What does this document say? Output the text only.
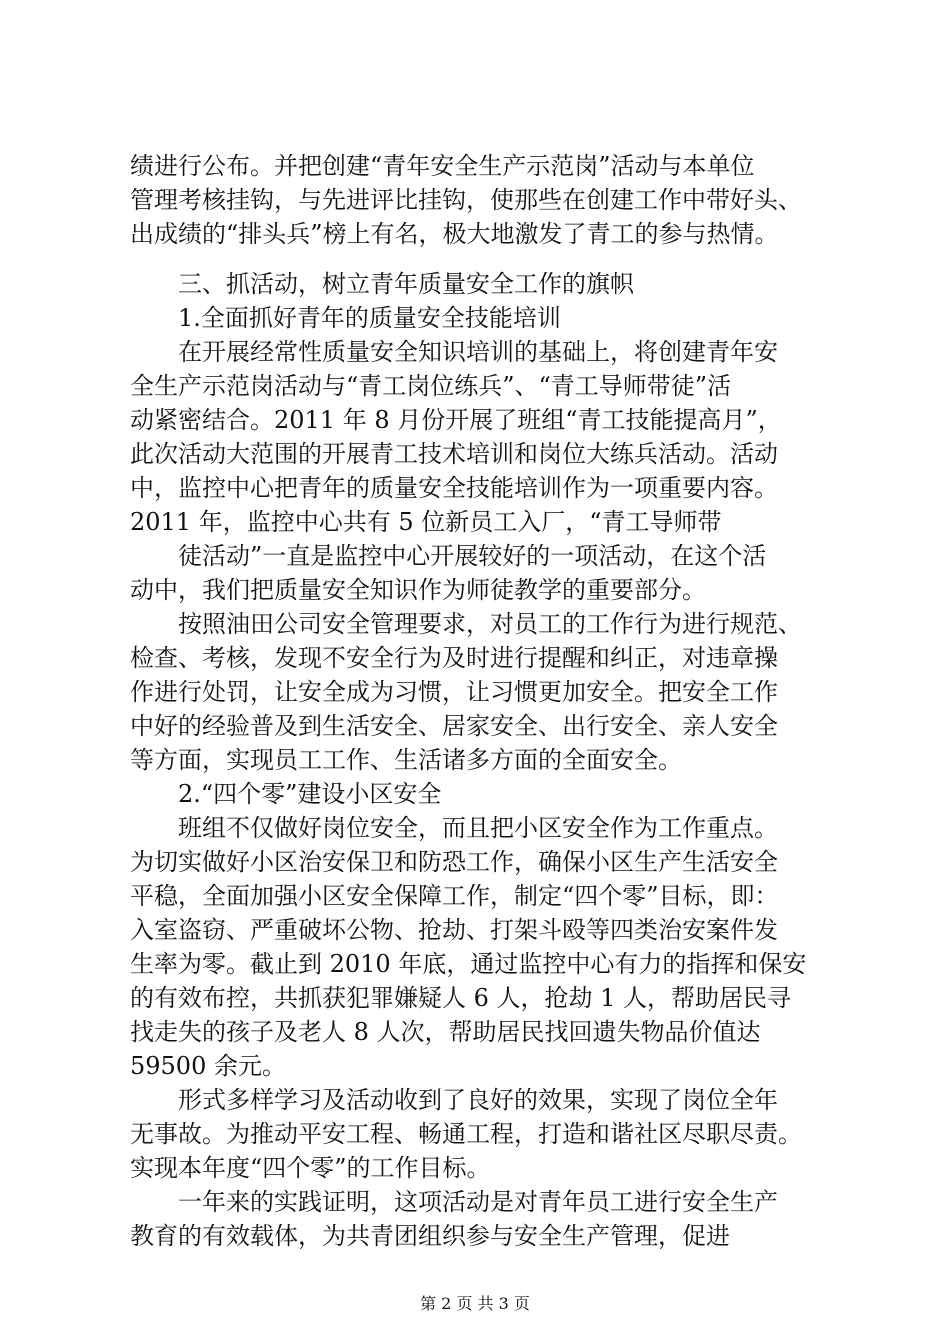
绩进行公布。并把创建“青年安全生产示范岗”活动与本单位
管理考核挂钩，与先进评比挂钩，使那些在创建工作中带好头、
出成绩的“排头兵”榜上有名，极大地激发了青工的参与热情。
三、抓活动，树立青年质量安全工作的旗帜
1.全面抓好青年的质量安全技能培训
在开展经常性质量安全知识培训的基础上，将创建青年安
全生产示范岗活动与“青工岗位练兵”、“青工导师带徒”活
动紧密结合。2011 年 8 月份开展了班组“青工技能提高月”，
此次活动大范围的开展青工技术培训和岗位大练兵活动。活动
中，监控中心把青年的质量安全技能培训作为一项重要内容。
2011 年，监控中心共有 5 位新员工入厂，“青工导师带
徒活动”一直是监控中心开展较好的一项活动，在这个活
动中，我们把质量安全知识作为师徒教学的重要部分。
按照油田公司安全管理要求，对员工的工作行为进行规范、
检查、考核，发现不安全行为及时进行提醒和纠正，对违章操
作进行处罚，让安全成为习惯，让习惯更加安全。把安全工作
中好的经验普及到生活安全、居家安全、出行安全、亲人安全
等方面，实现员工工作、生活诸多方面的全面安全。
2.“四个零”建设小区安全
班组不仅做好岗位安全，而且把小区安全作为工作重点。
为切实做好小区治安保卫和防恐工作，确保小区生产生活安全
平稳，全面加强小区安全保障工作，制定“四个零”目标，即：
入室盗窃、严重破坏公物、抢劫、打架斗殴等四类治安案件发
生率为零。截止到 2010 年底，通过监控中心有力的指挥和保安
的有效布控，共抓获犯罪嫌疑人 6 人，抢劫 1 人，帮助居民寻
找走失的孩子及老人 8 人次，帮助居民找回遗失物品价值达
59500 余元。
形式多样学习及活动收到了良好的效果，实现了岗位全年
无事故。为推动平安工程、畅通工程，打造和谐社区尽职尽责。
实现本年度“四个零”的工作目标。
一年来的实践证明，这项活动是对青年员工进行安全生产
教育的有效载体，为共青团组织参与安全生产管理，促进
第 2 页 共 3 页
